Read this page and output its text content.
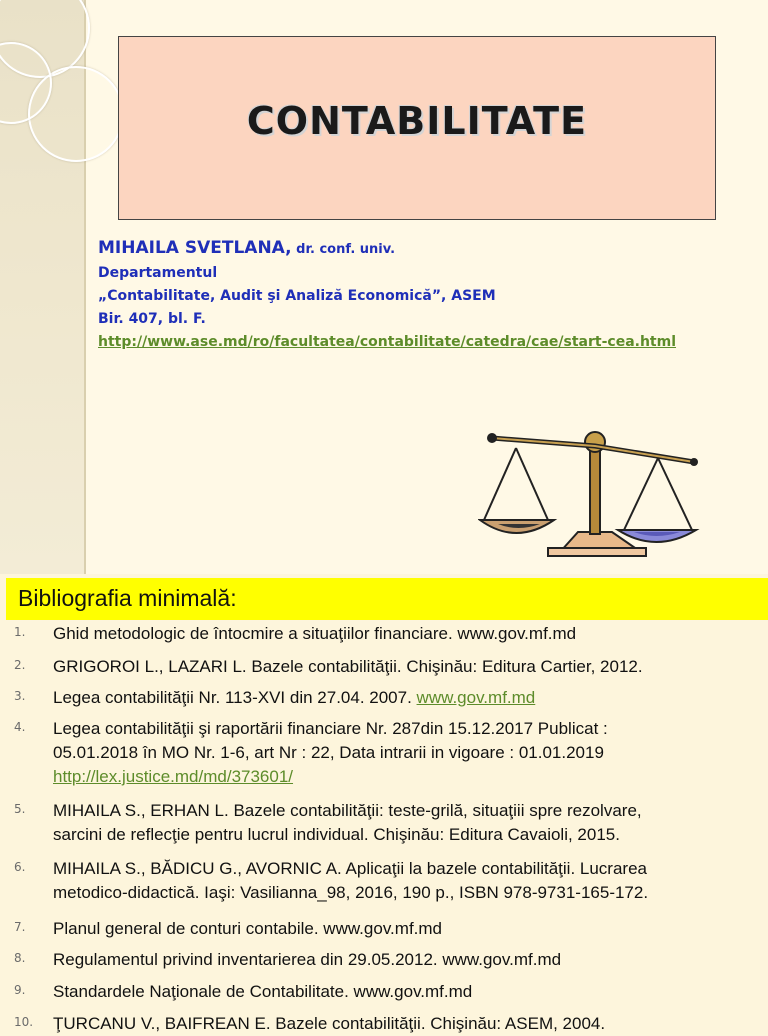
CONTABILITATE
MIHAILA SVETLANA, dr. conf. univ.
Departamentul
„Contabilitate, Audit şi Analiză Economică”, ASEM
Bir. 407, bl. F.
http://www.ase.md/ro/facultatea/contabilitate/catedra/cae/start-cea.html
Bibliografia minimală:
1. Ghid metodologic de întocmire a situaţiilor financiare. www.gov.mf.md
2. GRIGOROI L., LAZARI L. Bazele contabilităţii. Chişinău: Editura Cartier, 2012.
3. Legea contabilităţii Nr. 113-XVI din 27.04. 2007. www.gov.mf.md
4. Legea contabilităţii şi raportării financiare Nr. 287din 15.12.2017 Publicat :
05.01.2018 în MO Nr. 1-6, art Nr : 22, Data intrarii in vigoare : 01.01.2019
http://lex.justice.md/md/373601/
5. MIHAILA S., ERHAN L. Bazele contabilităţii: teste-grilă, situaţiii spre rezolvare,
sarcini de reflecţie pentru lucrul individual. Chişinău: Editura Cavaioli, 2015.
6. MIHAILA S., BĂDICU G., AVORNIC A. Aplicaţii la bazele contabilităţii. Lucrarea
metodico-didactică. Iaşi: Vasilianna_98, 2016, 190 p., ISBN 978-9731-165-172.
7. Planul general de conturi contabile. www.gov.mf.md
8. Regulamentul privind inventarierea din 29.05.2012. www.gov.mf.md
9. Standardele Naţionale de Contabilitate. www.gov.mf.md
10. ŢURCANU V., BAIFREAN E. Bazele contabilităţii. Chişinău: ASEM, 2004.
